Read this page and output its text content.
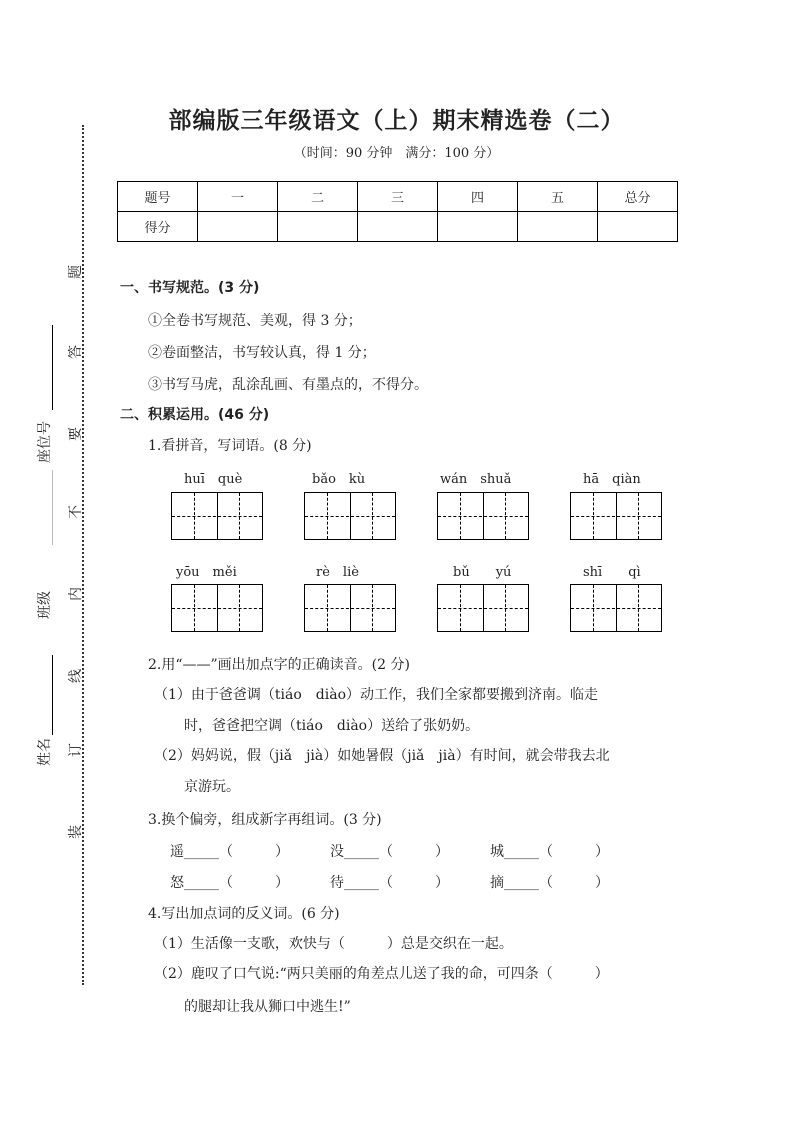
部编版三年级语文（上）期末精选卷（二）
（时间：90 分钟　满分：100 分）
题号	一	二	三	四	五	总分
得分						
题
答
要
不
内
线
订
装
座位号
班级
姓名
一、书写规范。(3 分)
①全卷书写规范、美观，得 3 分；
②卷面整洁，书写较认真，得 1 分；
③书写马虎，乱涂乱画、有墨点的，不得分。
二、积累运用。(46 分)
1.看拼音，写词语。(8 分)
huī　què	bǎo　kù	wán　shuǎ	hā　qiàn
yōu　měi	rè　liè	bǔ　　yú	shī　　qì
2.用“——”画出加点字的正确读音。(2 分)
（1）由于爸爸调（tiáo　diào）动工作，我们全家都要搬到济南。临走
时，爸爸把空调（tiáo　diào）送给了张奶奶。
（2）妈妈说，假（jiǎ　jià）如她暑假（jiǎ　jià）有时间，就会带我去北
京游玩。
3.换个偏旁，组成新字再组词。(3 分)
遥_____（　　　）	没_____（　　　）	城_____（　　　）
怒_____（　　　）	待_____（　　　）	摘_____（　　　）
4.写出加点词的反义词。(6 分)
（1）生活像一支歌，欢快与（　　　）总是交织在一起。
（2）鹿叹了口气说:“两只美丽的角差点儿送了我的命，可四条（　　　）
的腿却让我从狮口中逃生!”
